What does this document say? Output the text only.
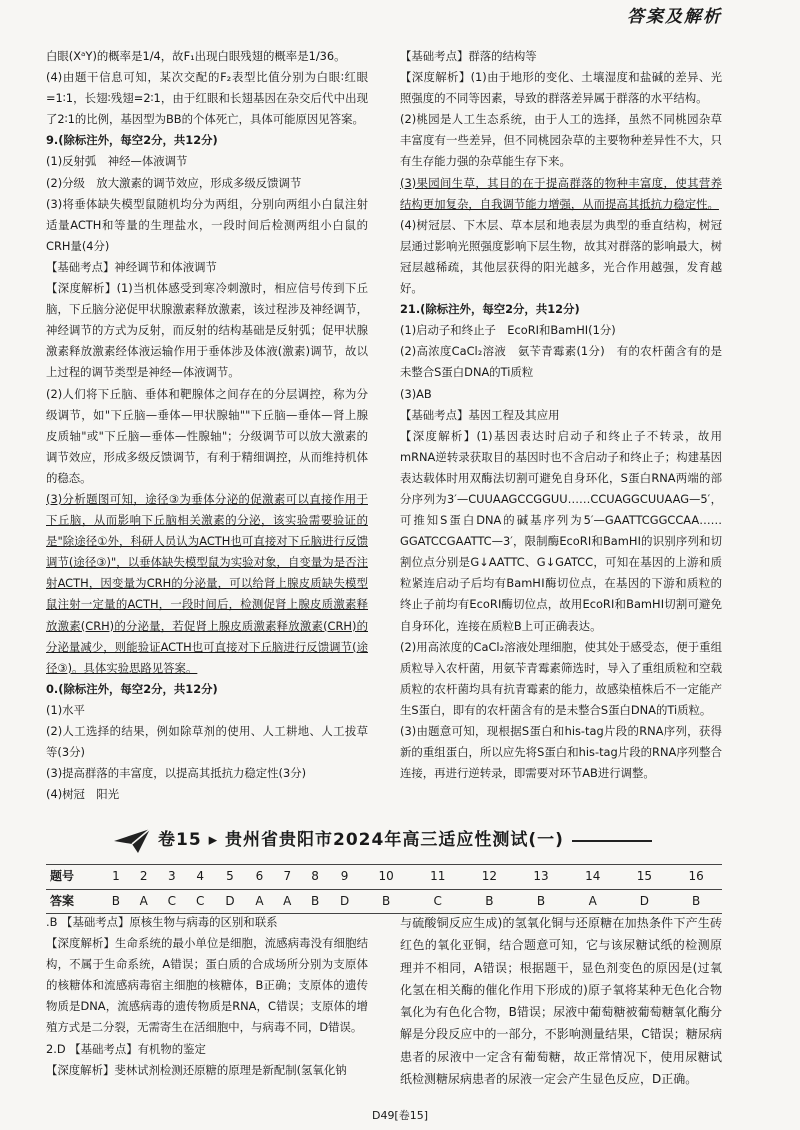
答案及解析

白眼(XᵃY)的概率是1/4，故F₁出现白眼残翅的概率是1/36。

(4)由题干信息可知，某次交配的F₂表型比值分别为白眼∶红眼=1∶1，长翅∶残翅=2∶1，由于红眼和长翅基因在杂交后代中出现了2∶1的比例，基因型为BB的个体死亡，具体可能原因见答案。

9.(除标注外，每空2分，共12分)

(1)反射弧　神经—体液调节

(2)分级　放大激素的调节效应，形成多级反馈调节

(3)将垂体缺失模型鼠随机均分为两组，分别向两组小白鼠注射适量ACTH和等量的生理盐水，一段时间后检测两组小白鼠的CRH量(4分)

【基础考点】神经调节和体液调节

【深度解析】(1)当机体感受到寒冷刺激时，相应信号传到下丘脑，下丘脑分泌促甲状腺激素释放激素，该过程涉及神经调节，神经调节的方式为反射，而反射的结构基础是反射弧；促甲状腺激素释放激素经体液运输作用于垂体涉及体液(激素)调节，故以上过程的调节类型是神经—体液调节。

(2)人们将下丘脑、垂体和靶腺体之间存在的分层调控，称为分级调节，如"下丘脑—垂体—甲状腺轴""下丘脑—垂体—肾上腺皮质轴"或"下丘脑—垂体—性腺轴"；分级调节可以放大激素的调节效应，形成多级反馈调节，有利于精细调控，从而维持机体的稳态。

(3)分析题图可知，途径③为垂体分泌的促激素可以直接作用于下丘脑，从而影响下丘脑相关激素的分泌，该实验需要验证的是"除途径①外，科研人员认为ACTH也可直接对下丘脑进行反馈调节(途径③)"，以垂体缺失模型鼠为实验对象，自变量为是否注射ACTH，因变量为CRH的分泌量，可以给肾上腺皮质缺失模型鼠注射一定量的ACTH，一段时间后，检测促肾上腺皮质激素释放激素(CRH)的分泌量，若促肾上腺皮质激素释放激素(CRH)的分泌量减少，则能验证ACTH也可直接对下丘脑进行反馈调节(途径③)。具体实验思路见答案。

0.(除标注外，每空2分，共12分)

(1)水平

(2)人工选择的结果，例如除草剂的使用、人工耕地、人工拔草等(3分)

(3)提高群落的丰富度，以提高其抵抗力稳定性(3分)

(4)树冠　阳光

【基础考点】群落的结构等

【深度解析】(1)由于地形的变化、土壤湿度和盐碱的差异、光照强度的不同等因素，导致的群落差异属于群落的水平结构。

(2)桃园是人工生态系统，由于人工的选择，虽然不同桃园杂草丰富度有一些差异，但不同桃园杂草的主要物种差异性不大，只有生存能力强的杂草能生存下来。

(3)果园间生草，其目的在于提高群落的物种丰富度，使其营养结构更加复杂，自我调节能力增强，从而提高其抵抗力稳定性。

(4)树冠层、下木层、草本层和地表层为典型的垂直结构，树冠层通过影响光照强度影响下层生物，故其对群落的影响最大，树冠层越稀疏，其他层获得的阳光越多，光合作用越强，发育越好。

21.(除标注外，每空2分，共12分)

(1)启动子和终止子　EcoRⅠ和BamHⅠ(1分)

(2)高浓度CaCl₂溶液　氨苄青霉素(1分)　有的农杆菌含有的是未整合S蛋白DNA的Ti质粒

(3)AB

【基础考点】基因工程及其应用

【深度解析】(1)基因表达时启动子和终止子不转录，故用mRNA逆转录获取目的基因时也不含启动子和终止子；构建基因表达载体时用双酶法切割可避免自身环化，S蛋白RNA两端的部分序列为3′—CUUAAGCCGGUU……CCUAGGCUUAAG—5′，可推知S蛋白DNA的碱基序列为5′—GAATTCGGCCAA……GGATCCGAATTC—3′，限制酶EcoRⅠ和BamHⅠ的识别序列和切割位点分别是G↓AATTC、G↓GATCC，可知在基因的上游和质粒紧连启动子后均有BamHⅠ酶切位点，在基因的下游和质粒的终止子前均有EcoRⅠ酶切位点，故用EcoRⅠ和BamHⅠ切割可避免自身环化，连接在质粒B上可正确表达。

(2)用高浓度的CaCl₂溶液处理细胞，使其处于感受态，便于重组质粒导入农杆菌，用氨苄青霉素筛选时，导入了重组质粒和空载质粒的农杆菌均具有抗青霉素的能力，故感染植株后不一定能产生S蛋白，即有的农杆菌含有的是未整合S蛋白DNA的Ti质粒。

(3)由题意可知，现根据S蛋白和his-tag片段的RNA序列，获得新的重组蛋白，所以应先将S蛋白和his-tag片段的RNA序列整合连接，再进行逆转录，即需要对环节AB进行调整。

卷15 ▸ 贵州省贵阳市2024年高三适应性测试(一)
题号	1	2	3	4	5	6	7	8	9	10	11	12	13	14	15	16
答案	B	A	C	C	D	A	A	B	D	B	C	B	B	A	D	B

.B 【基础考点】原核生物与病毒的区别和联系

【深度解析】生命系统的最小单位是细胞，流感病毒没有细胞结构，不属于生命系统，A错误；蛋白质的合成场所分别为支原体的核糖体和流感病毒宿主细胞的核糖体，B正确；支原体的遗传物质是DNA，流感病毒的遗传物质是RNA，C错误；支原体的增殖方式是二分裂，无需寄生在活细胞中，与病毒不同，D错误。

2.D 【基础考点】有机物的鉴定

【深度解析】斐林试剂检测还原糖的原理是新配制(氢氧化钠

与硫酸铜反应生成)的氢氧化铜与还原糖在加热条件下产生砖红色的氧化亚铜，结合题意可知，它与该尿糖试纸的检测原理并不相同，A错误；根据题干，显色剂变色的原因是(过氧化氢在相关酶的催化作用下形成的)原子氧将某种无色化合物氧化为有色化合物，B错误；尿液中葡萄糖被葡萄糖氧化酶分解是分段反应中的一部分，不影响测量结果，C错误；糖尿病患者的尿液中一定含有葡萄糖，故正常情况下，使用尿糖试纸检测糖尿病患者的尿液一定会产生显色反应，D正确。

D49[卷15]
